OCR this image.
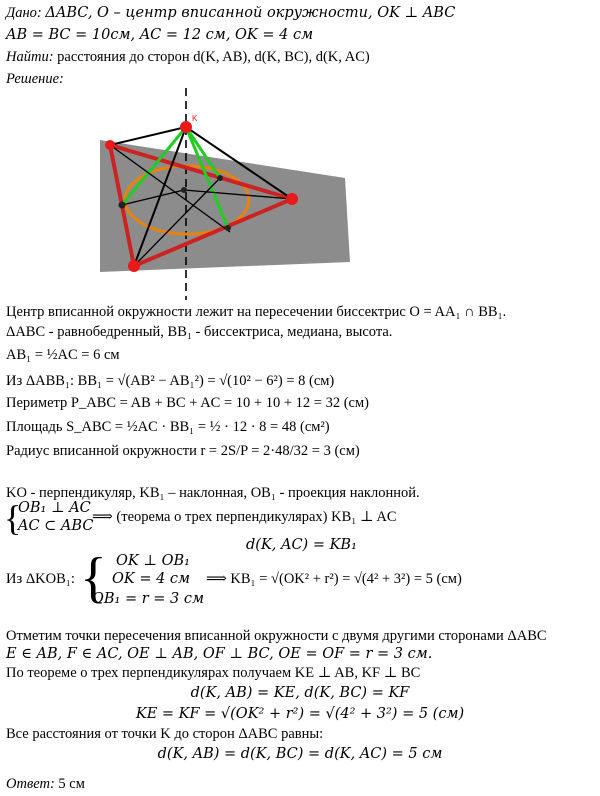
Дано: ΔABC, O – центр вписанной окружности, OK ⊥ ABC
AB = BC = 10см, AC = 12 см, OK = 4 см
Найти: расстояния до сторон d(K, AB), d(K, BC), d(K, AC)
Решение:
K
Центр вписанной окружности лежит на пересечении биссектрис O = AA₁ ∩ BB₁.
ΔABC - равнобедренный, BB₁ - биссектриса, медиана, высота.
AB₁ = ½AC = 6 см
Из ΔABB₁: BB₁ = √(AB² − AB₁²) = √(10² − 6²) = 8 (см)
Периметр P_ABC = AB + BC + AC = 10 + 10 + 12 = 32 (см)
Площадь S_ABC = ½AC · BB₁ = ½ · 12 · 8 = 48 (см²)
Радиус вписанной окружности r = 2S/P = 2·48/32 = 3 (см)
KO - перпендикуляр, KB₁ – наклонная, OB₁ - проекция наклонной.
{
OB₁ ⊥ AC
AC ⊂ ABC
⟹ (теорема о трех перпендикулярах) KB₁ ⊥ AC
d(K, AC) = KB₁
Из ΔKOB₁: { OK ⊥ OB₁
OK = 4 см
OB₁ = r = 3 см
⟹ KB₁ = √(OK² + r²) = √(4² + 3²) = 5 (см)
Отметим точки пересечения вписанной окружности с двумя другими сторонами ΔABC
E ∈ AB, F ∈ AC, OE ⊥ AB, OF ⊥ BC, OE = OF = r = 3 см.
По теореме о трех перпендикулярах получаем KE ⊥ AB, KF ⊥ BC
d(K, AB) = KE, d(K, BC) = KF
KE = KF = √(OK² + r²) = √(4² + 3²) = 5 (см)
Все расстояния от точки K до сторон ΔABC равны:
d(K, AB) = d(K, BC) = d(K, AC) = 5 см
Ответ: 5 см
